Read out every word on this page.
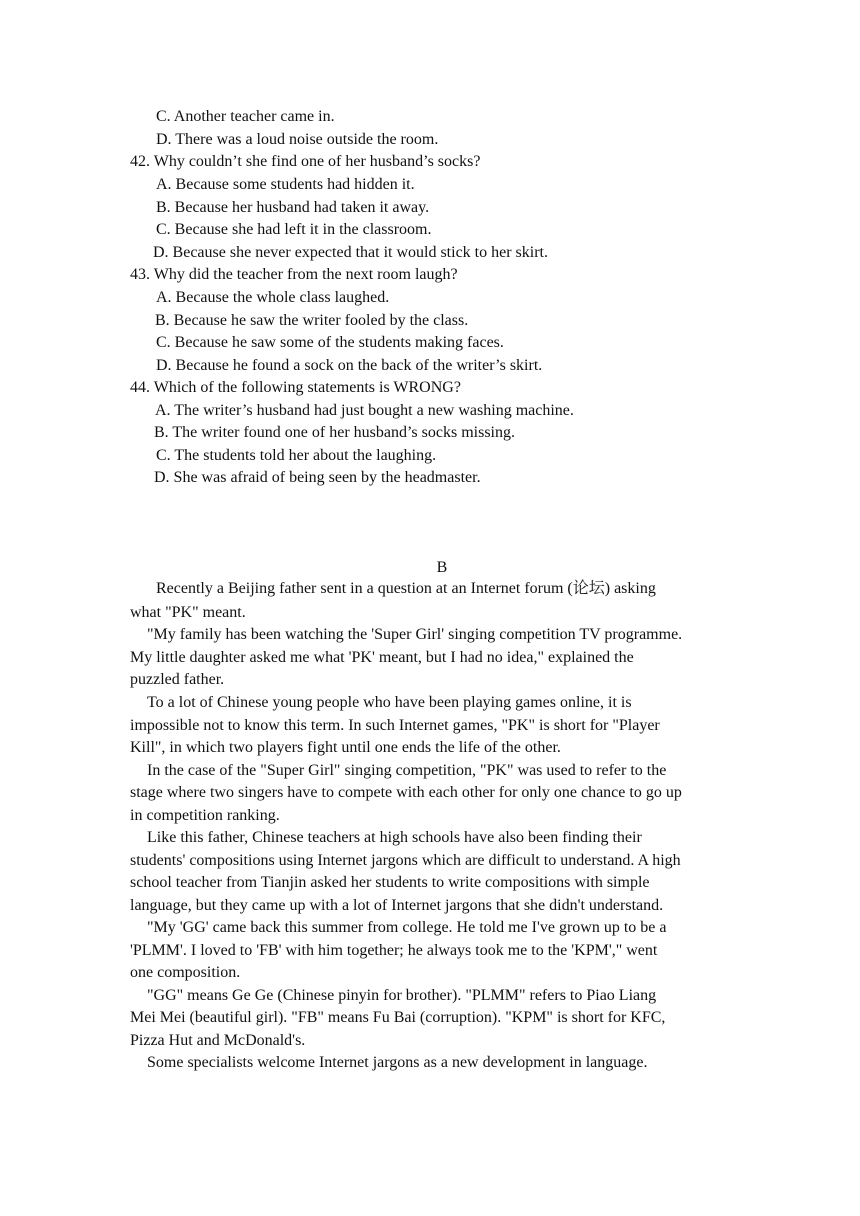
C. Another teacher came in.
D. There was a loud noise outside the room.
42. Why couldn’t she find one of her husband’s socks?
A. Because some students had hidden it.
B. Because her husband had taken it away.
C. Because she had left it in the classroom.
D. Because she never expected that it would stick to her skirt.
43. Why did the teacher from the next room laugh?
A. Because the whole class laughed.
B. Because he saw the writer fooled by the class.
C. Because he saw some of the students making faces.
D. Because he found a sock on the back of the writer’s skirt.
44. Which of the following statements is WRONG?
A. The writer’s husband had just bought a new washing machine.
B. The writer found one of her husband’s socks missing.
C. The students told her about the laughing.
D. She was afraid of being seen by the headmaster.
B
Recently a Beijing father sent in a question at an Internet forum (论坛) asking
what "PK" meant.
"My family has been watching the 'Super Girl' singing competition TV programme.
My little daughter asked me what 'PK' meant, but I had no idea," explained the
puzzled father.
To a lot of Chinese young people who have been playing games online, it is
impossible not to know this term. In such Internet games, "PK" is short for "Player
Kill", in which two players fight until one ends the life of the other.
In the case of the "Super Girl" singing competition, "PK" was used to refer to the
stage where two singers have to compete with each other for only one chance to go up
in competition ranking.
Like this father, Chinese teachers at high schools have also been finding their
students' compositions using Internet jargons which are difficult to understand. A high
school teacher from Tianjin asked her students to write compositions with simple
language, but they came up with a lot of Internet jargons that she didn't understand.
"My 'GG' came back this summer from college. He told me I've grown up to be a
'PLMM'. I loved to 'FB' with him together; he always took me to the 'KPM'," went
one composition.
"GG" means Ge Ge (Chinese pinyin for brother). "PLMM" refers to Piao Liang
Mei Mei (beautiful girl). "FB" means Fu Bai (corruption). "KPM" is short for KFC,
Pizza Hut and McDonald's.
Some specialists welcome Internet jargons as a new development in language.
